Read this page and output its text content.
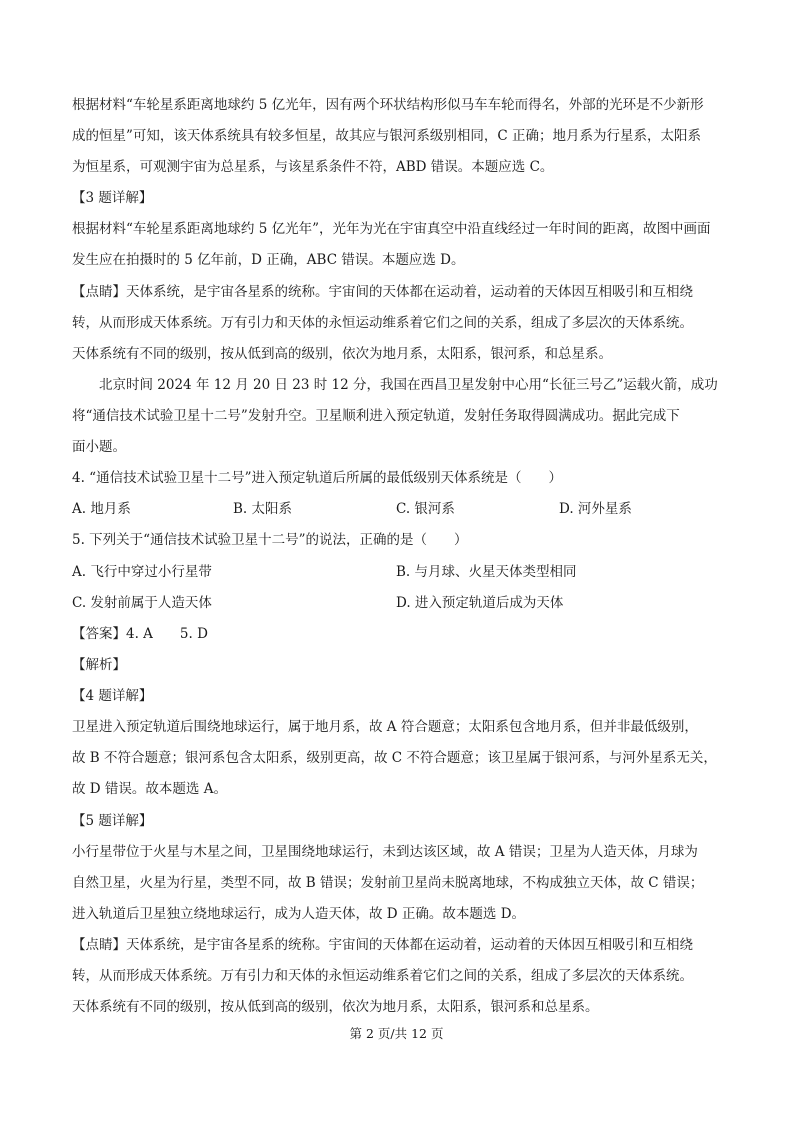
根据材料“车轮星系距离地球约 5 亿光年，因有两个环状结构形似马车车轮而得名，外部的光环是不少新形
成的恒星”可知，该天体系统具有较多恒星，故其应与银河系级别相同，C 正确；地月系为行星系，太阳系
为恒星系，可观测宇宙为总星系，与该星系条件不符，ABD 错误。本题应选 C。
【3 题详解】
根据材料“车轮星系距离地球约 5 亿光年”，光年为光在宇宙真空中沿直线经过一年时间的距离，故图中画面
发生应在拍摄时的 5 亿年前，D 正确，ABC 错误。本题应选 D。
【点睛】天体系统，是宇宙各星系的统称。宇宙间的天体都在运动着，运动着的天体因互相吸引和互相绕
转，从而形成天体系统。万有引力和天体的永恒运动维系着它们之间的关系，组成了多层次的天体系统。
天体系统有不同的级别，按从低到高的级别，依次为地月系，太阳系，银河系，和总星系。
北京时间 2024 年 12 月 20 日 23 时 12 分，我国在西昌卫星发射中心用“长征三号乙”运载火箭，成功
将“通信技术试验卫星十二号”发射升空。卫星顺利进入预定轨道，发射任务取得圆满成功。据此完成下
面小题。
4. “通信技术试验卫星十二号”进入预定轨道后所属的最低级别天体系统是（　　）
A. 地月系	B. 太阳系	C. 银河系	D. 河外星系
5. 下列关于“通信技术试验卫星十二号”的说法，正确的是（　　）
A. 飞行中穿过小行星带	B. 与月球、火星天体类型相同
C. 发射前属于人造天体	D. 进入预定轨道后成为天体
【答案】4. A　　5. D
【解析】
【4 题详解】
卫星进入预定轨道后围绕地球运行，属于地月系，故 A 符合题意；太阳系包含地月系，但并非最低级别，
故 B 不符合题意；银河系包含太阳系，级别更高，故 C 不符合题意；该卫星属于银河系，与河外星系无关，
故 D 错误。故本题选 A。
【5 题详解】
小行星带位于火星与木星之间，卫星围绕地球运行，未到达该区域，故 A 错误；卫星为人造天体，月球为
自然卫星，火星为行星，类型不同，故 B 错误；发射前卫星尚未脱离地球，不构成独立天体，故 C 错误；
进入轨道后卫星独立绕地球运行，成为人造天体，故 D 正确。故本题选 D。
【点睛】天体系统，是宇宙各星系的统称。宇宙间的天体都在运动着，运动着的天体因互相吸引和互相绕
转，从而形成天体系统。万有引力和天体的永恒运动维系着它们之间的关系，组成了多层次的天体系统。
天体系统有不同的级别，按从低到高的级别，依次为地月系，太阳系，银河系和总星系。
第 2 页/共 12 页
